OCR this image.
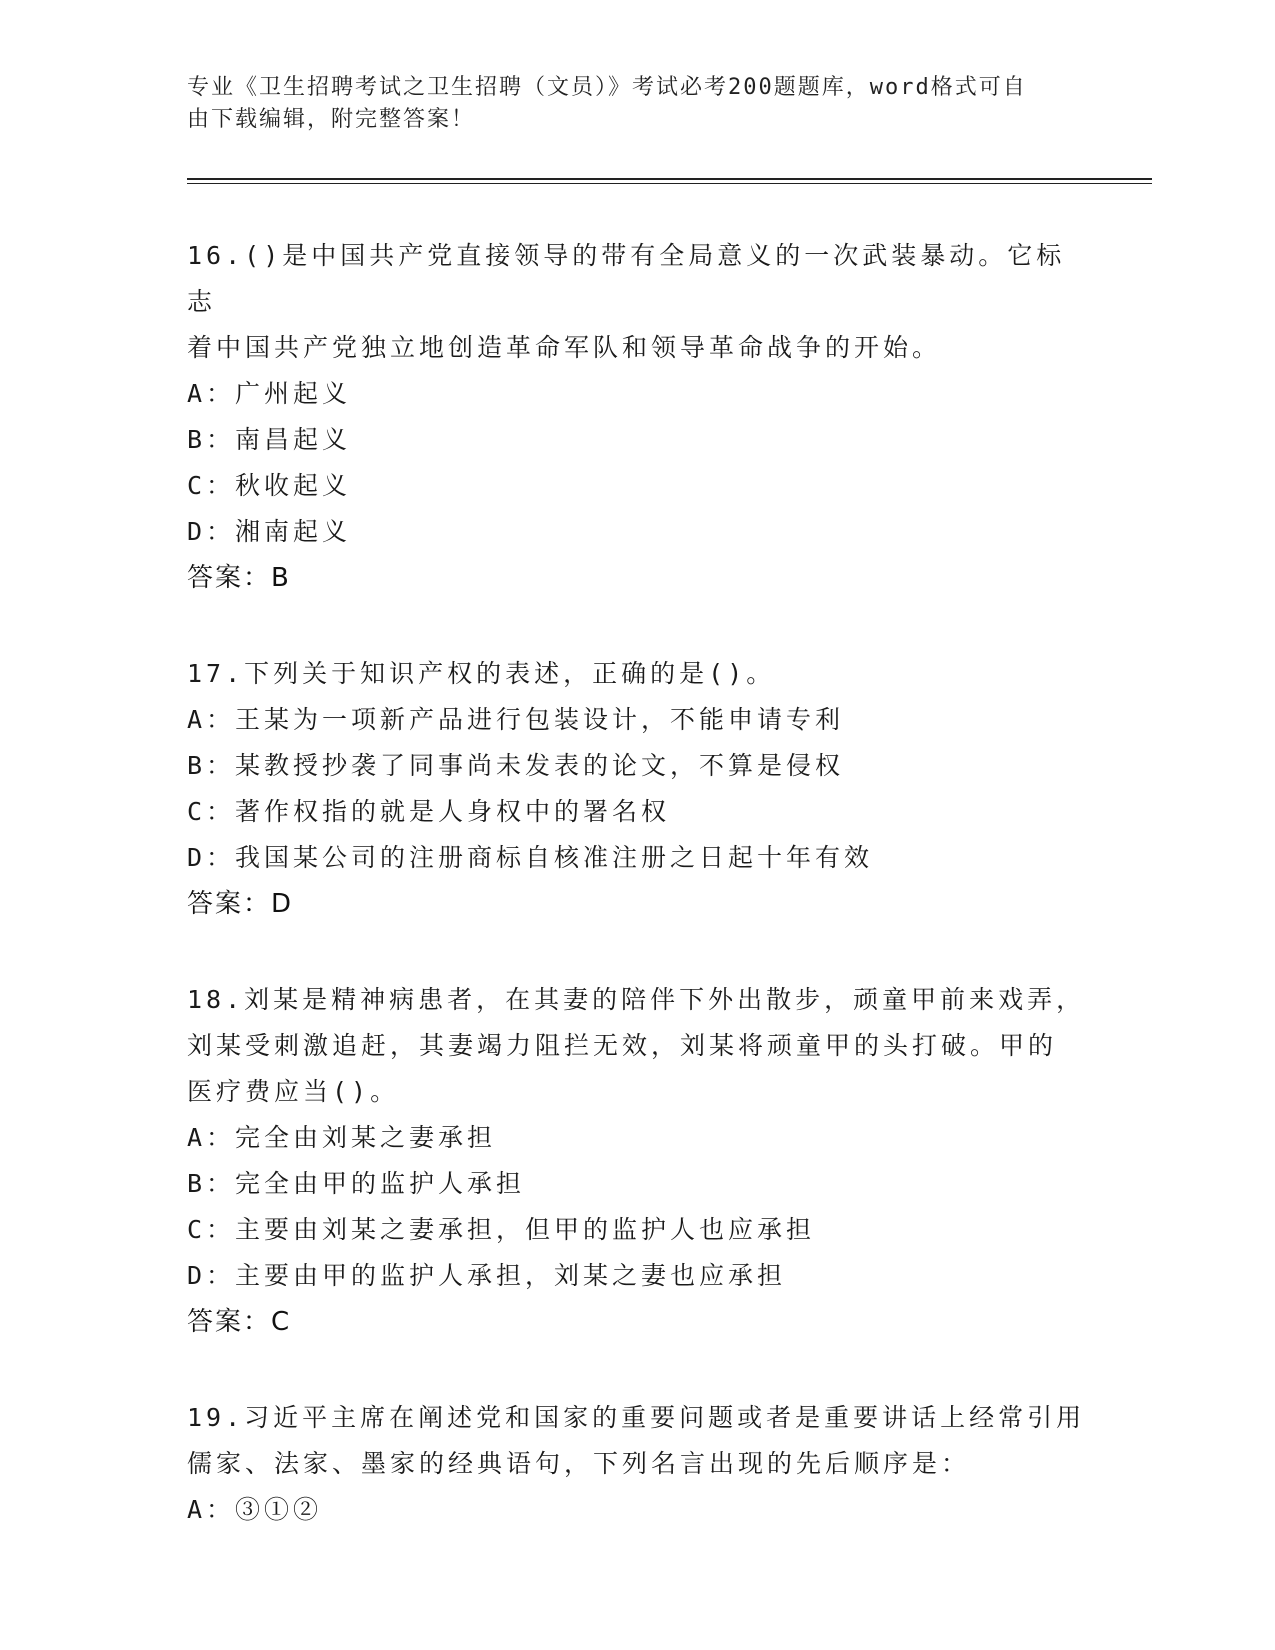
专业《卫生招聘考试之卫生招聘（文员）》考试必考200题题库，word格式可自
由下载编辑，附完整答案！
16.()是中国共产党直接领导的带有全局意义的一次武装暴动。它标志
着中国共产党独立地创造革命军队和领导革命战争的开始。
A：广州起义
B：南昌起义
C：秋收起义
D：湘南起义
答案：B
17.下列关于知识产权的表述，正确的是()。
A：王某为一项新产品进行包装设计，不能申请专利
B：某教授抄袭了同事尚未发表的论文，不算是侵权
C：著作权指的就是人身权中的署名权
D：我国某公司的注册商标自核准注册之日起十年有效
答案：D
18.刘某是精神病患者，在其妻的陪伴下外出散步，顽童甲前来戏弄，
刘某受刺激追赶，其妻竭力阻拦无效，刘某将顽童甲的头打破。甲的
医疗费应当()。
A：完全由刘某之妻承担
B：完全由甲的监护人承担
C：主要由刘某之妻承担，但甲的监护人也应承担
D：主要由甲的监护人承担，刘某之妻也应承担
答案：C
19.习近平主席在阐述党和国家的重要问题或者是重要讲话上经常引用
儒家、法家、墨家的经典语句，下列名言出现的先后顺序是：
A：③①②
